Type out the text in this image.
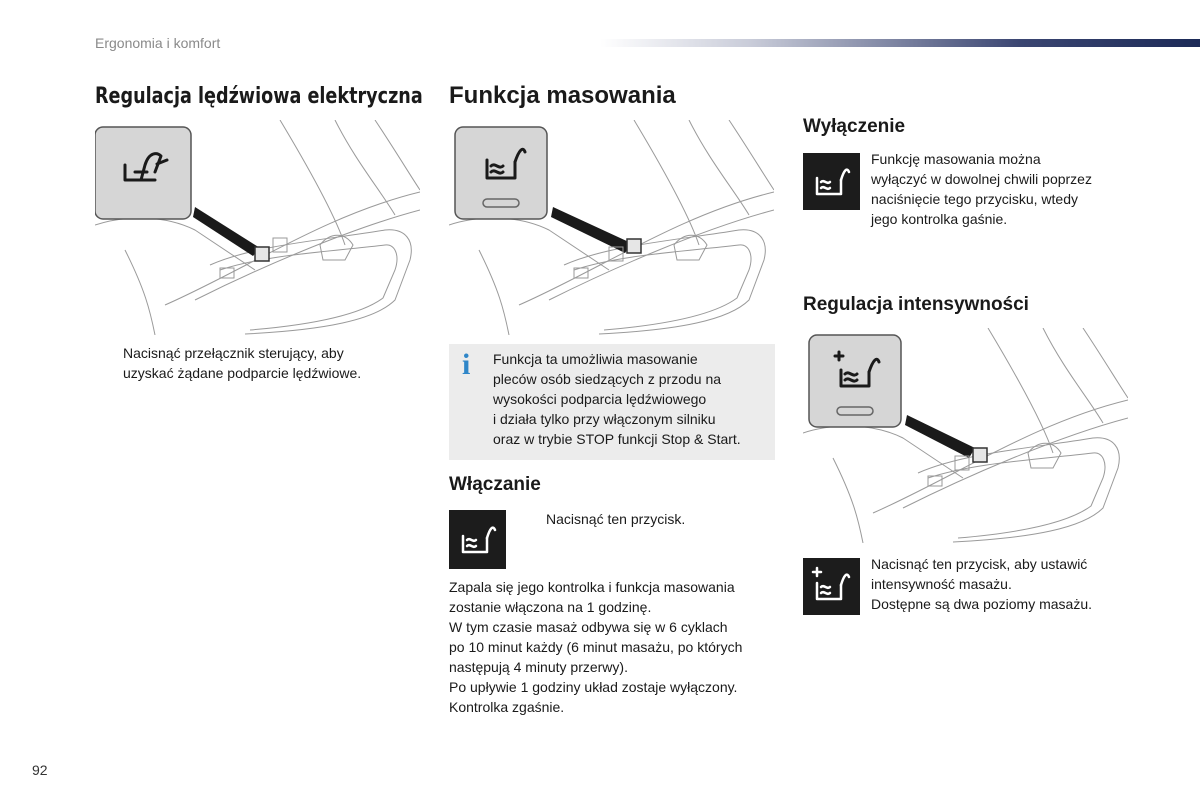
Ergonomia i komfort
Regulacja lędźwiowa elektryczna
Nacisnąć przełącznik sterujący, aby
uzyskać żądane podparcie lędźwiowe.
Funkcja masowania
i Funkcja ta umożliwia masowanie
pleców osób siedzących z przodu na
wysokości podparcia lędźwiowego
i działa tylko przy włączonym silniku
oraz w trybie STOP funkcji Stop & Start.
Włączanie
Nacisnąć ten przycisk.
Zapala się jego kontrolka i funkcja masowania
zostanie włączona na 1 godzinę.
W tym czasie masaż odbywa się w 6 cyklach
po 10 minut każdy (6 minut masażu, po których
następują 4 minuty przerwy).
Po upływie 1 godziny układ zostaje wyłączony.
Kontrolka zgaśnie.
Wyłączenie
Funkcję masowania można
wyłączyć w dowolnej chwili poprzez
naciśnięcie tego przycisku, wtedy
jego kontrolka gaśnie.
Regulacja intensywności
Nacisnąć ten przycisk, aby ustawić
intensywność masażu.
Dostępne są dwa poziomy masażu.
92
